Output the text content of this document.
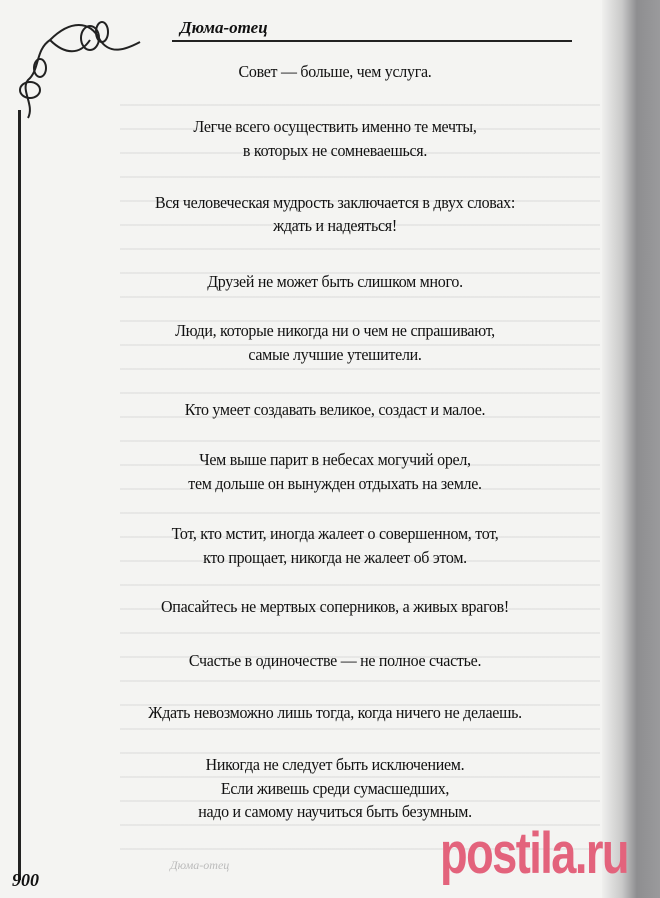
Дюма-отец
Совет — больше, чем услуга.
Легче всего осуществить именно те мечты,
в которых не сомневаешься.
Вся человеческая мудрость заключается в двух словах:
ждать и надеяться!
Друзей не может быть слишком много.
Люди, которые никогда ни о чем не спрашивают,
самые лучшие утешители.
Кто умеет создавать великое, создаст и малое.
Чем выше парит в небесах могучий орел,
тем дольше он вынужден отдыхать на земле.
Тот, кто мстит, иногда жалеет о совершенном, тот,
кто прощает, никогда не жалеет об этом.
Опасайтесь не мертвых соперников, а живых врагов!
Счастье в одиночестве — не полное счастье.
Ждать невозможно лишь тогда, когда ничего не делаешь.
Никогда не следует быть исключением.
Если живешь среди сумасшедших,
надо и самому научиться быть безумным.
Дюма-отец
900	postila.ru
